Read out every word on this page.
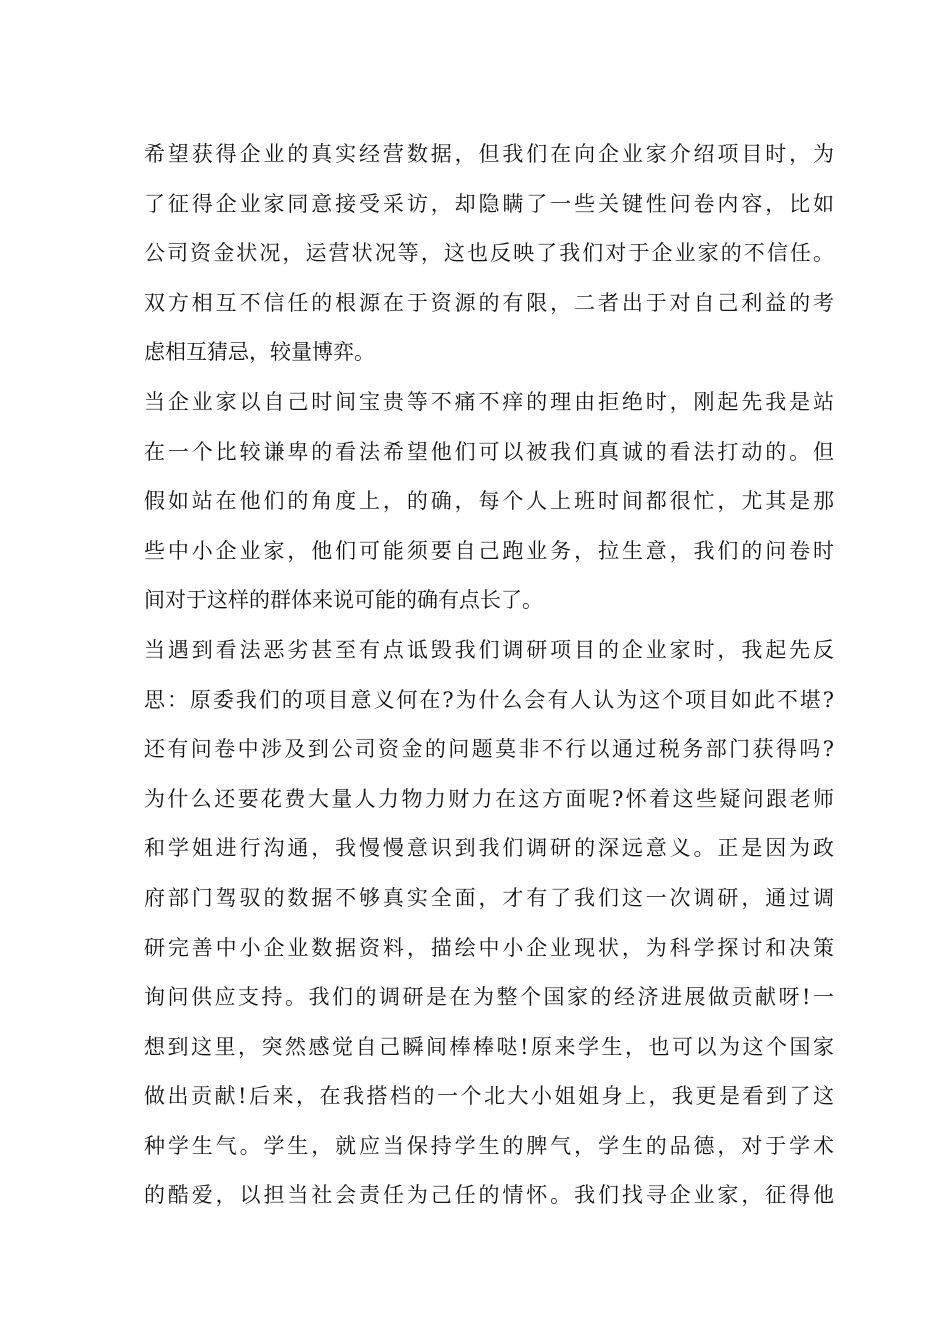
希望获得企业的真实经营数据，但我们在向企业家介绍项目时，为
了征得企业家同意接受采访，却隐瞒了一些关键性问卷内容，比如
公司资金状况，运营状况等，这也反映了我们对于企业家的不信任。
双方相互不信任的根源在于资源的有限，二者出于对自己利益的考
虑相互猜忌，较量博弈。
当企业家以自己时间宝贵等不痛不痒的理由拒绝时，刚起先我是站
在一个比较谦卑的看法希望他们可以被我们真诚的看法打动的。但
假如站在他们的角度上，的确，每个人上班时间都很忙，尤其是那
些中小企业家，他们可能须要自己跑业务，拉生意，我们的问卷时
间对于这样的群体来说可能的确有点长了。
当遇到看法恶劣甚至有点诋毁我们调研项目的企业家时，我起先反
思：原委我们的项目意义何在?为什么会有人认为这个项目如此不堪?
还有问卷中涉及到公司资金的问题莫非不行以通过税务部门获得吗?
为什么还要花费大量人力物力财力在这方面呢?怀着这些疑问跟老师
和学姐进行沟通，我慢慢意识到我们调研的深远意义。正是因为政
府部门驾驭的数据不够真实全面，才有了我们这一次调研，通过调
研完善中小企业数据资料，描绘中小企业现状，为科学探讨和决策
询问供应支持。我们的调研是在为整个国家的经济进展做贡献呀!一
想到这里，突然感觉自己瞬间棒棒哒!原来学生，也可以为这个国家
做出贡献!后来，在我搭档的一个北大小姐姐身上，我更是看到了这
种学生气。学生，就应当保持学生的脾气，学生的品德，对于学术
的酷爱，以担当社会责任为己任的情怀。我们找寻企业家，征得他
